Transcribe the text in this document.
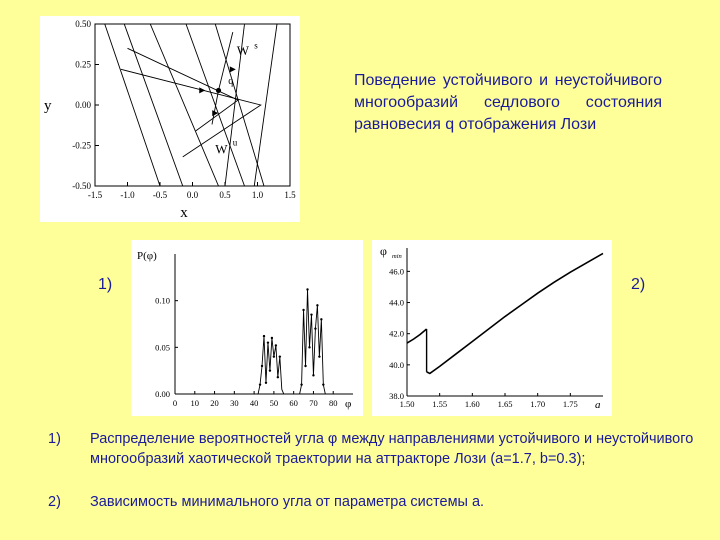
-1.5 -1.0 -0.5 0.0 0.5 1.0 1.5
0.50
0.25
0.00
-0.25
-0.50
x
y
W s
W u
q
0 10 20 30 40 50 60 70 80
0.00
0.05
0.10
P(φ)
φ	1.50 1.55 1.60 1.65 1.70 1.75
38.0
40.0
42.0
44.0
46.0
φ min
a
Поведение устойчивого и неустойчивого многообразий седлового состояния равновесия q отображения Лози
1)	2)
1) Распределение вероятностей угла φ между направлениями устойчивого и неустойчивого многообразий хаотической траектории на аттракторе Лози (a=1.7, b=0.3);
2) Зависимость минимального угла от параметра системы a.
